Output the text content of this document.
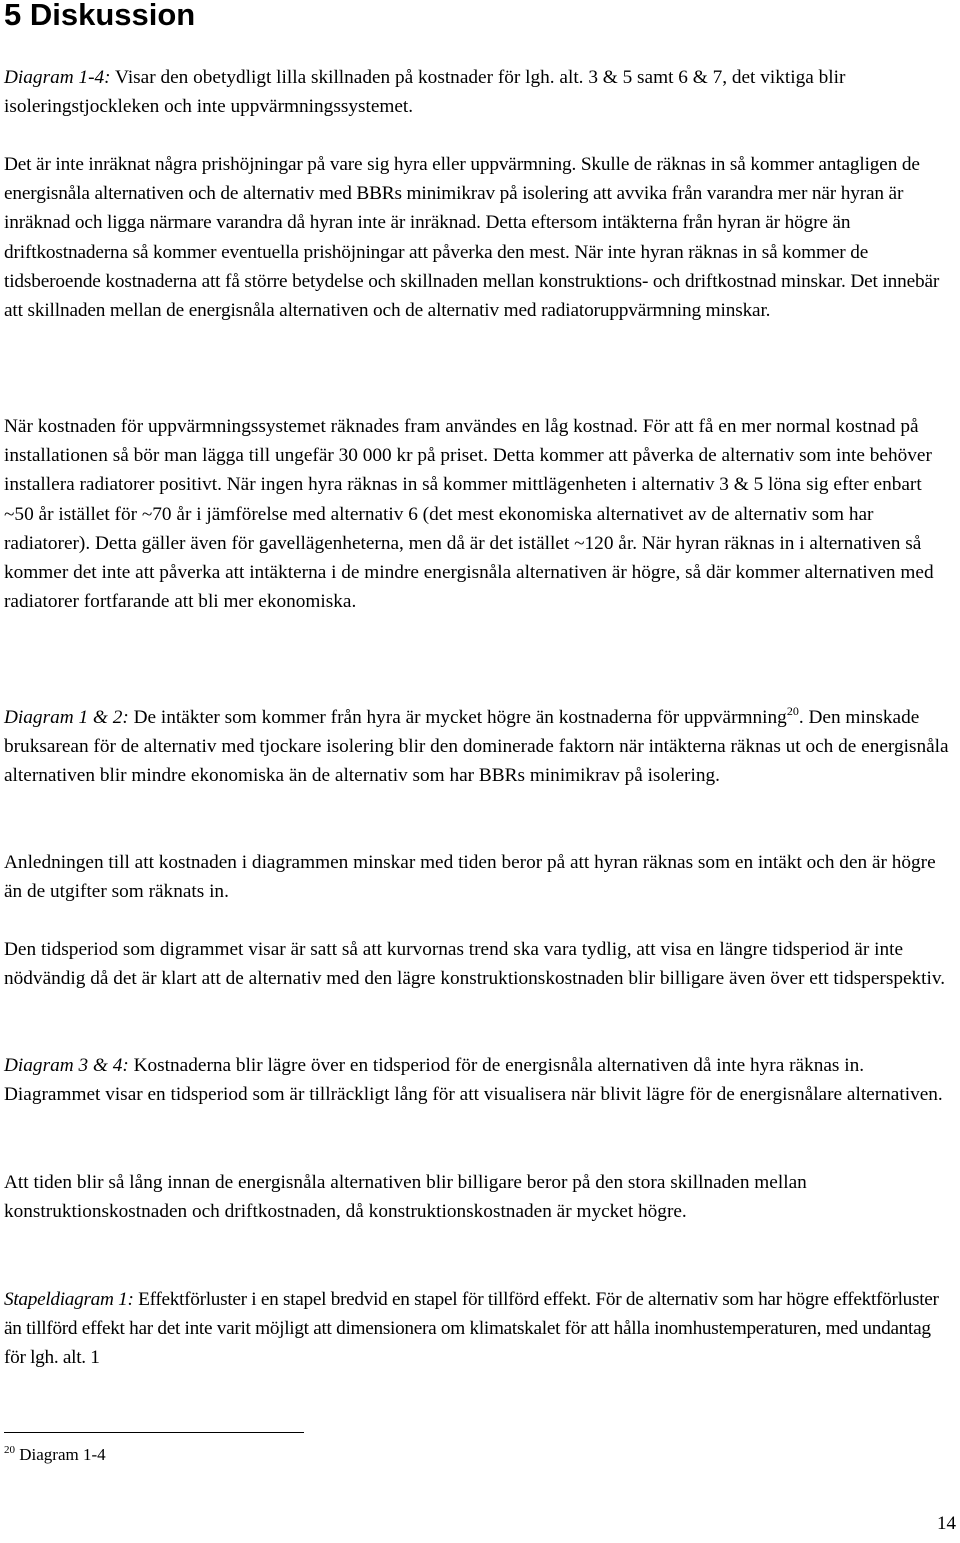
5 Diskussion

Diagram 1-4: Visar den obetydligt lilla skillnaden på kostnader för lgh. alt. 3 & 5 samt 6 & 7, det viktiga blir isoleringstjockleken och inte uppvärmningssystemet.

Det är inte inräknat några prishöjningar på vare sig hyra eller uppvärmning. Skulle de räknas in så kommer antagligen de energisnåla alternativen och de alternativ med BBRs minimikrav på isolering att avvika från varandra mer när hyran är inräknad och ligga närmare varandra då hyran inte är inräknad. Detta eftersom intäkterna från hyran är högre än driftkostnaderna så kommer eventuella prishöjningar att påverka den mest. När inte hyran räknas in så kommer de tidsberoende kostnaderna att få större betydelse och skillnaden mellan konstruktions- och driftkostnad minskar. Det innebär att skillnaden mellan de energisnåla alternativen och de alternativ med radiatoruppvärmning minskar.

När kostnaden för uppvärmningssystemet räknades fram användes en låg kostnad. För att få en mer normal kostnad på installationen så bör man lägga till ungefär 30 000 kr på priset. Detta kommer att påverka de alternativ som inte behöver installera radiatorer positivt. När ingen hyra räknas in så kommer mittlägenheten i alternativ 3 & 5 löna sig efter enbart ~50 år istället för ~70 år i jämförelse med alternativ 6 (det mest ekonomiska alternativet av de alternativ som har radiatorer). Detta gäller även för gavellägenheterna, men då är det istället ~120 år. När hyran räknas in i alternativen så kommer det inte att påverka att intäkterna i de mindre energisnåla alternativen är högre, så där kommer alternativen med radiatorer fortfarande att bli mer ekonomiska.

Diagram 1 & 2: De intäkter som kommer från hyra är mycket högre än kostnaderna för uppvärmning$^{20}$. Den minskade bruksarean för de alternativ med tjockare isolering blir den dominerade faktorn när intäkterna räknas ut och de energisnåla alternativen blir mindre ekonomiska än de alternativ som har BBRs minimikrav på isolering.

Anledningen till att kostnaden i diagrammen minskar med tiden beror på att hyran räknas som en intäkt och den är högre än de utgifter som räknats in.

Den tidsperiod som digrammet visar är satt så att kurvornas trend ska vara tydlig, att visa en längre tidsperiod är inte nödvändig då det är klart att de alternativ med den lägre konstruktionskostnaden blir billigare även över ett tidsperspektiv.

Diagram 3 & 4: Kostnaderna blir lägre över en tidsperiod för de energisnåla alternativen då inte hyra räknas in. Diagrammet visar en tidsperiod som är tillräckligt lång för att visualisera när blivit lägre för de energisnålare alternativen.

Att tiden blir så lång innan de energisnåla alternativen blir billigare beror på den stora skillnaden mellan konstruktionskostnaden och driftkostnaden, då konstruktionskostnaden är mycket högre.

Stapeldiagram 1: Effektförluster i en stapel bredvid en stapel för tillförd effekt. För de alternativ som har högre effektförluster än tillförd effekt har det inte varit möjligt att dimensionera om klimatskalet för att hålla inomhustemperaturen, med undantag för lgh. alt. 1

$^{20}$ Diagram 1-4

14
